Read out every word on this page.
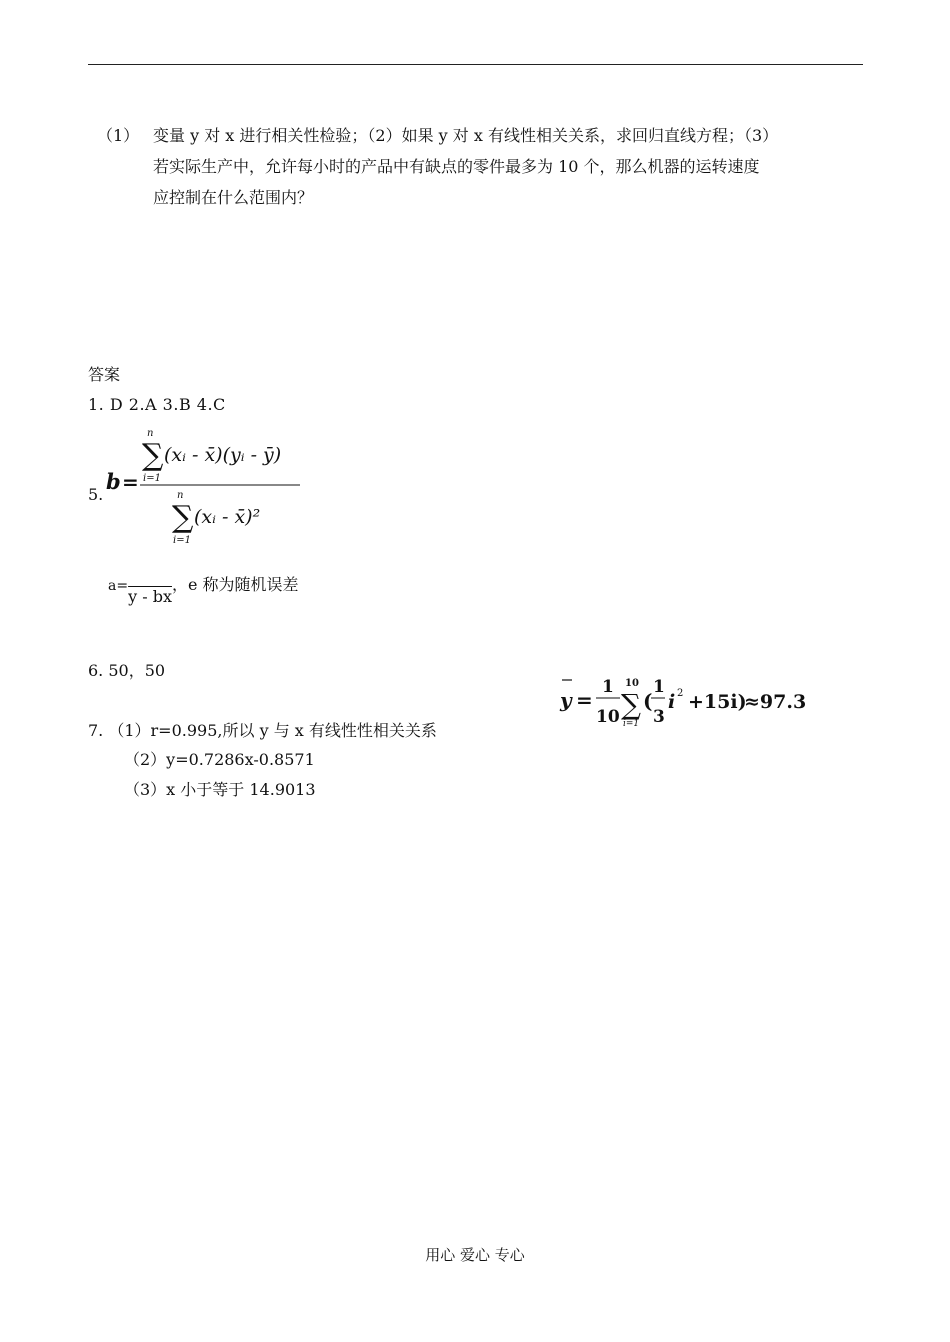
（1） 变量 y 对 x 进行相关性检验；（2）如果 y 对 x 有线性相关关系，求回归直线方程；（3）
若实际生产中，允许每小时的产品中有缺点的零件最多为 10 个，那么机器的运转速度
应控制在什么范围内？
答案
1. D 2.A 3.B 4.C
5.
b =
n
∑
i=1
(xᵢ - x̄)(yᵢ - ȳ)
n
∑
i=1
(xᵢ - x̄)²
a=y - bx，e 称为随机误差
6. 50，50
y =
1
10
10
∑
i=1
(
1
3
i 2 +15i)
≈97.3
7. （1）r=0.995,所以 y 与 x 有线性性相关关系
（2）y=0.7286x-0.8571
（3）x 小于等于 14.9013
用心 爱心 专心
